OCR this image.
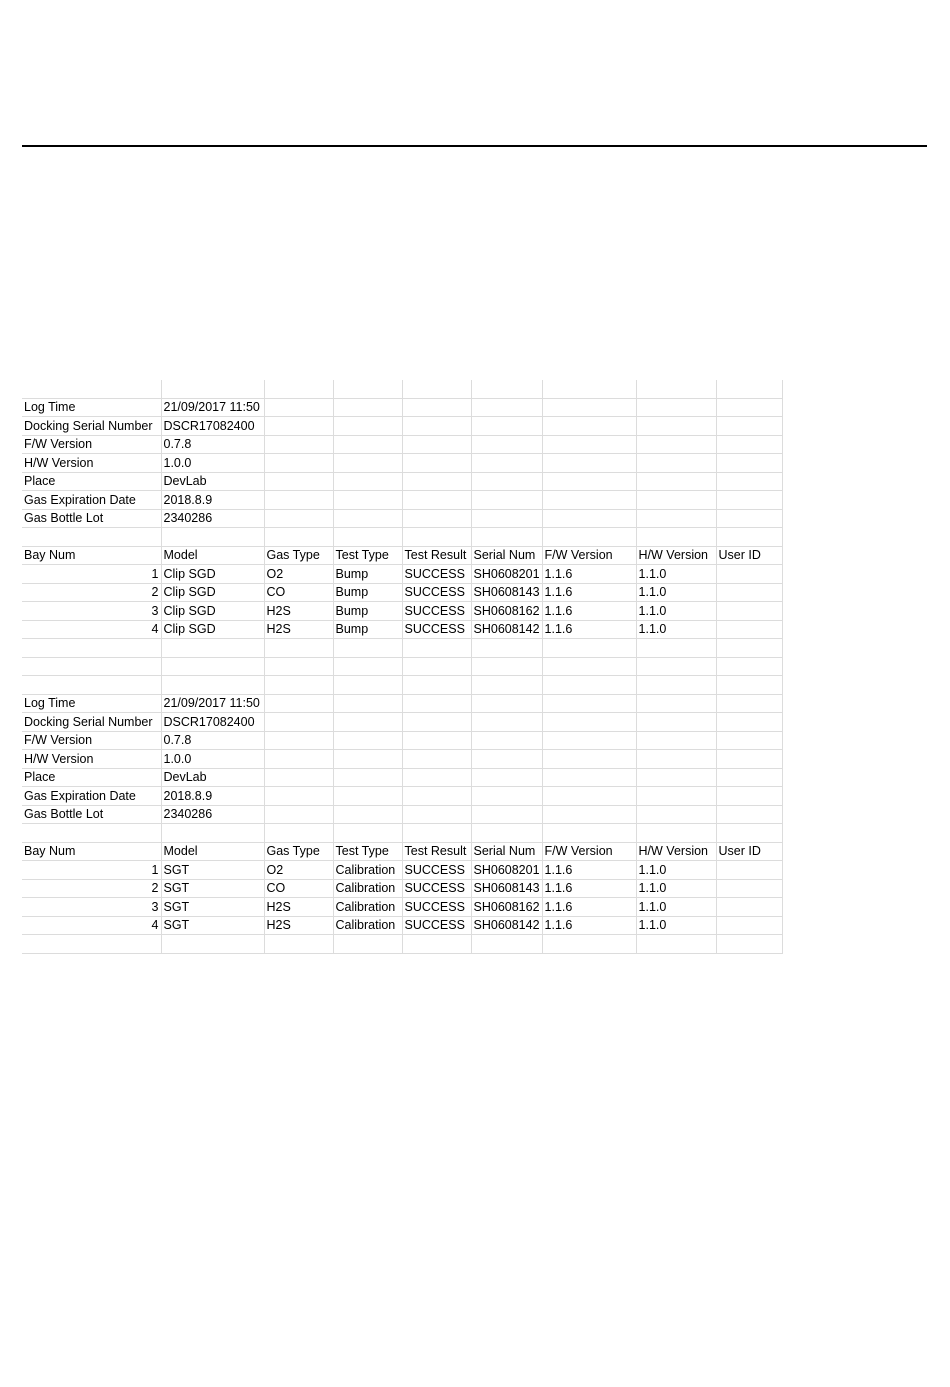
Log Time	21/09/2017 11:50							
Docking Serial Number	DSCR17082400							
F/W Version	0.7.8							
H/W Version	1.0.0							
Place	DevLab							
Gas Expiration Date	2018.8.9							
Gas Bottle Lot	2340286							

Bay Num	Model	Gas Type	Test Type	Test Result	Serial Num	F/W Version	H/W Version	User ID
1	Clip SGD	O2	Bump	SUCCESS	SH0608201	1.1.6	1.1.0	
2	Clip SGD	CO	Bump	SUCCESS	SH0608143	1.1.6	1.1.0	
3	Clip SGD	H2S	Bump	SUCCESS	SH0608162	1.1.6	1.1.0	
4	Clip SGD	H2S	Bump	SUCCESS	SH0608142	1.1.6	1.1.0	

Log Time	21/09/2017 11:50							
Docking Serial Number	DSCR17082400							
F/W Version	0.7.8							
H/W Version	1.0.0							
Place	DevLab							
Gas Expiration Date	2018.8.9							
Gas Bottle Lot	2340286							

Bay Num	Model	Gas Type	Test Type	Test Result	Serial Num	F/W Version	H/W Version	User ID
1	SGT	O2	Calibration	SUCCESS	SH0608201	1.1.6	1.1.0	
2	SGT	CO	Calibration	SUCCESS	SH0608143	1.1.6	1.1.0	
3	SGT	H2S	Calibration	SUCCESS	SH0608162	1.1.6	1.1.0	
4	SGT	H2S	Calibration	SUCCESS	SH0608142	1.1.6	1.1.0	
